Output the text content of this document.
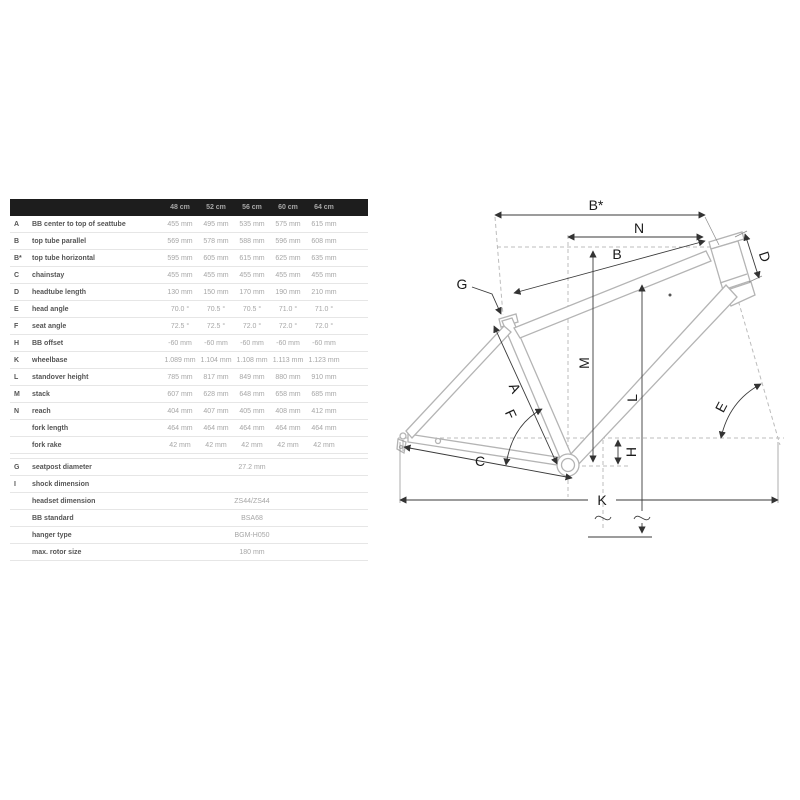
48 cm	52 cm	56 cm	60 cm	64 cm
A	BB center to top of seattube	455 mm	495 mm	535 mm	575 mm	615 mm
B	top tube parallel	569 mm	578 mm	588 mm	596 mm	608 mm
B*	top tube horizontal	595 mm	605 mm	615 mm	625 mm	635 mm
C	chainstay	455 mm	455 mm	455 mm	455 mm	455 mm
D	headtube length	130 mm	150 mm	170 mm	190 mm	210 mm
E	head angle	70.0 °	70.5 °	70.5 °	71.0 °	71.0 °
F	seat angle	72.5 °	72.5 °	72.0 °	72.0 °	72.0 °
H	BB offset	-60 mm	-60 mm	-60 mm	-60 mm	-60 mm
K	wheelbase	1.089 mm 1.104 mm 1.108 mm 1.113 mm 1.123 mm
L	standover height	785 mm	817 mm	849 mm	880 mm	910 mm
M	stack	607 mm	628 mm	648 mm	658 mm	685 mm
N	reach	404 mm	407 mm	405 mm	408 mm	412 mm
fork length	464 mm	464 mm	464 mm	464 mm	464 mm
fork rake	42 mm	42 mm	42 mm	42 mm	42 mm
G	seatpost diameter	27.2 mm
I	shock dimension
headset dimension	ZS44/ZS44
BB standard	BSA68
hanger type	BGM-H050
max. rotor size	180 mm
B*
N
B	D
G
A
F	E
M
L
H
C
K
